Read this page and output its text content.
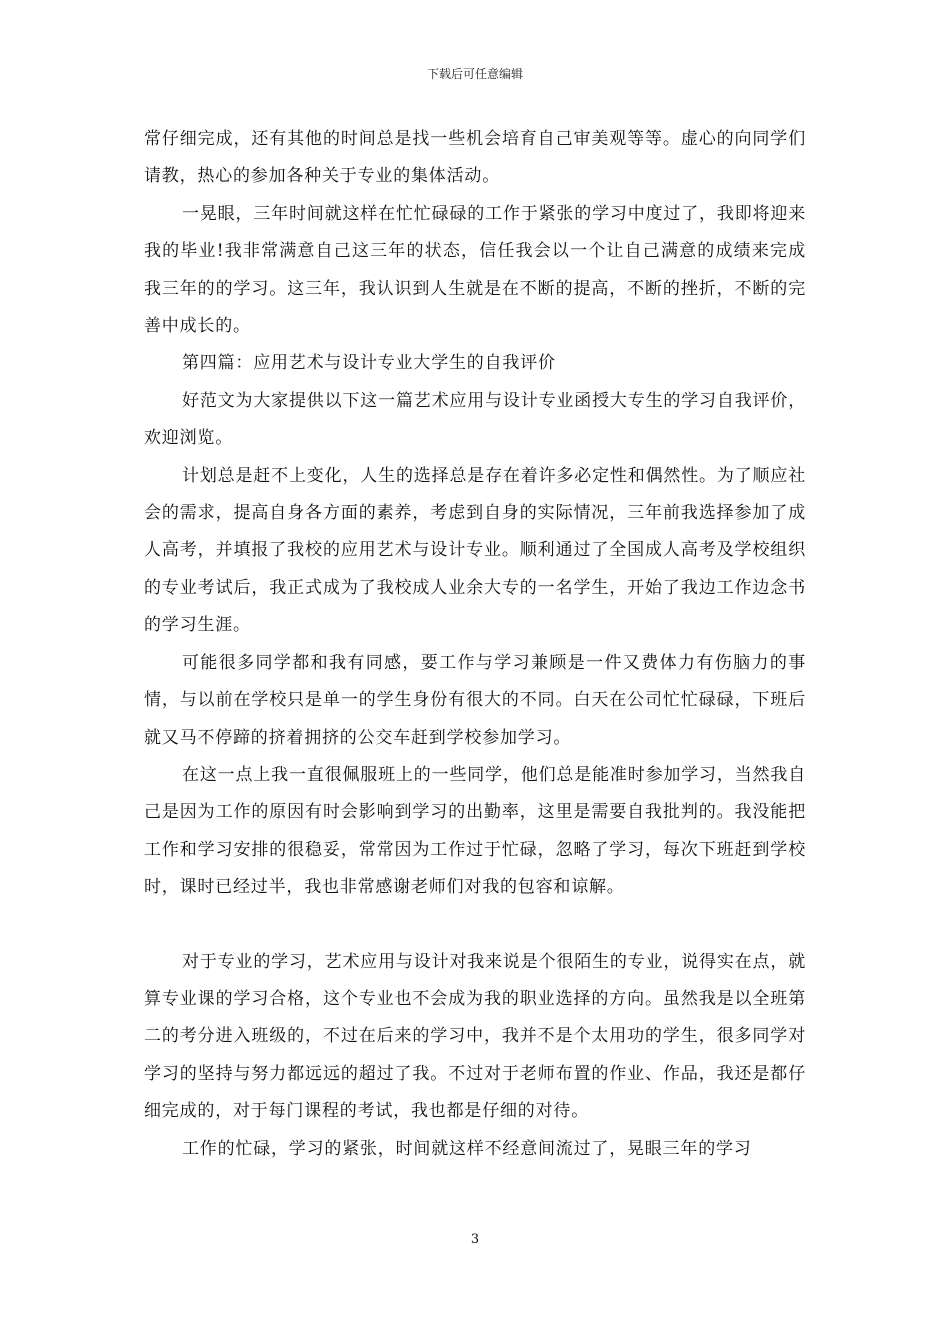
下载后可任意编辑

常仔细完成，还有其他的时间总是找一些机会培育自己审美观等等。虚心的向同学们请教，热心的参加各种关于专业的集体活动。

一晃眼，三年时间就这样在忙忙碌碌的工作于紧张的学习中度过了，我即将迎来我的毕业!我非常满意自己这三年的状态，信任我会以一个让自己满意的成绩来完成我三年的的学习。这三年，我认识到人生就是在不断的提高，不断的挫折，不断的完善中成长的。

第四篇：应用艺术与设计专业大学生的自我评价

好范文为大家提供以下这一篇艺术应用与设计专业函授大专生的学习自我评价，欢迎浏览。

计划总是赶不上变化，人生的选择总是存在着许多必定性和偶然性。为了顺应社会的需求，提高自身各方面的素养，考虑到自身的实际情况，三年前我选择参加了成人高考，并填报了我校的应用艺术与设计专业。顺利通过了全国成人高考及学校组织的专业考试后，我正式成为了我校成人业余大专的一名学生，开始了我边工作边念书的学习生涯。

可能很多同学都和我有同感，要工作与学习兼顾是一件又费体力有伤脑力的事情，与以前在学校只是单一的学生身份有很大的不同。白天在公司忙忙碌碌，下班后就又马不停蹄的挤着拥挤的公交车赶到学校参加学习。

在这一点上我一直很佩服班上的一些同学，他们总是能准时参加学习，当然我自己是因为工作的原因有时会影响到学习的出勤率，这里是需要自我批判的。我没能把工作和学习安排的很稳妥，常常因为工作过于忙碌，忽略了学习，每次下班赶到学校时，课时已经过半，我也非常感谢老师们对我的包容和谅解。

对于专业的学习，艺术应用与设计对我来说是个很陌生的专业，说得实在点，就算专业课的学习合格，这个专业也不会成为我的职业选择的方向。虽然我是以全班第二的考分进入班级的，不过在后来的学习中，我并不是个太用功的学生，很多同学对学习的坚持与努力都远远的超过了我。不过对于老师布置的作业、作品，我还是都仔细完成的，对于每门课程的考试，我也都是仔细的对待。

工作的忙碌，学习的紧张，时间就这样不经意间流过了，晃眼三年的学习

3
